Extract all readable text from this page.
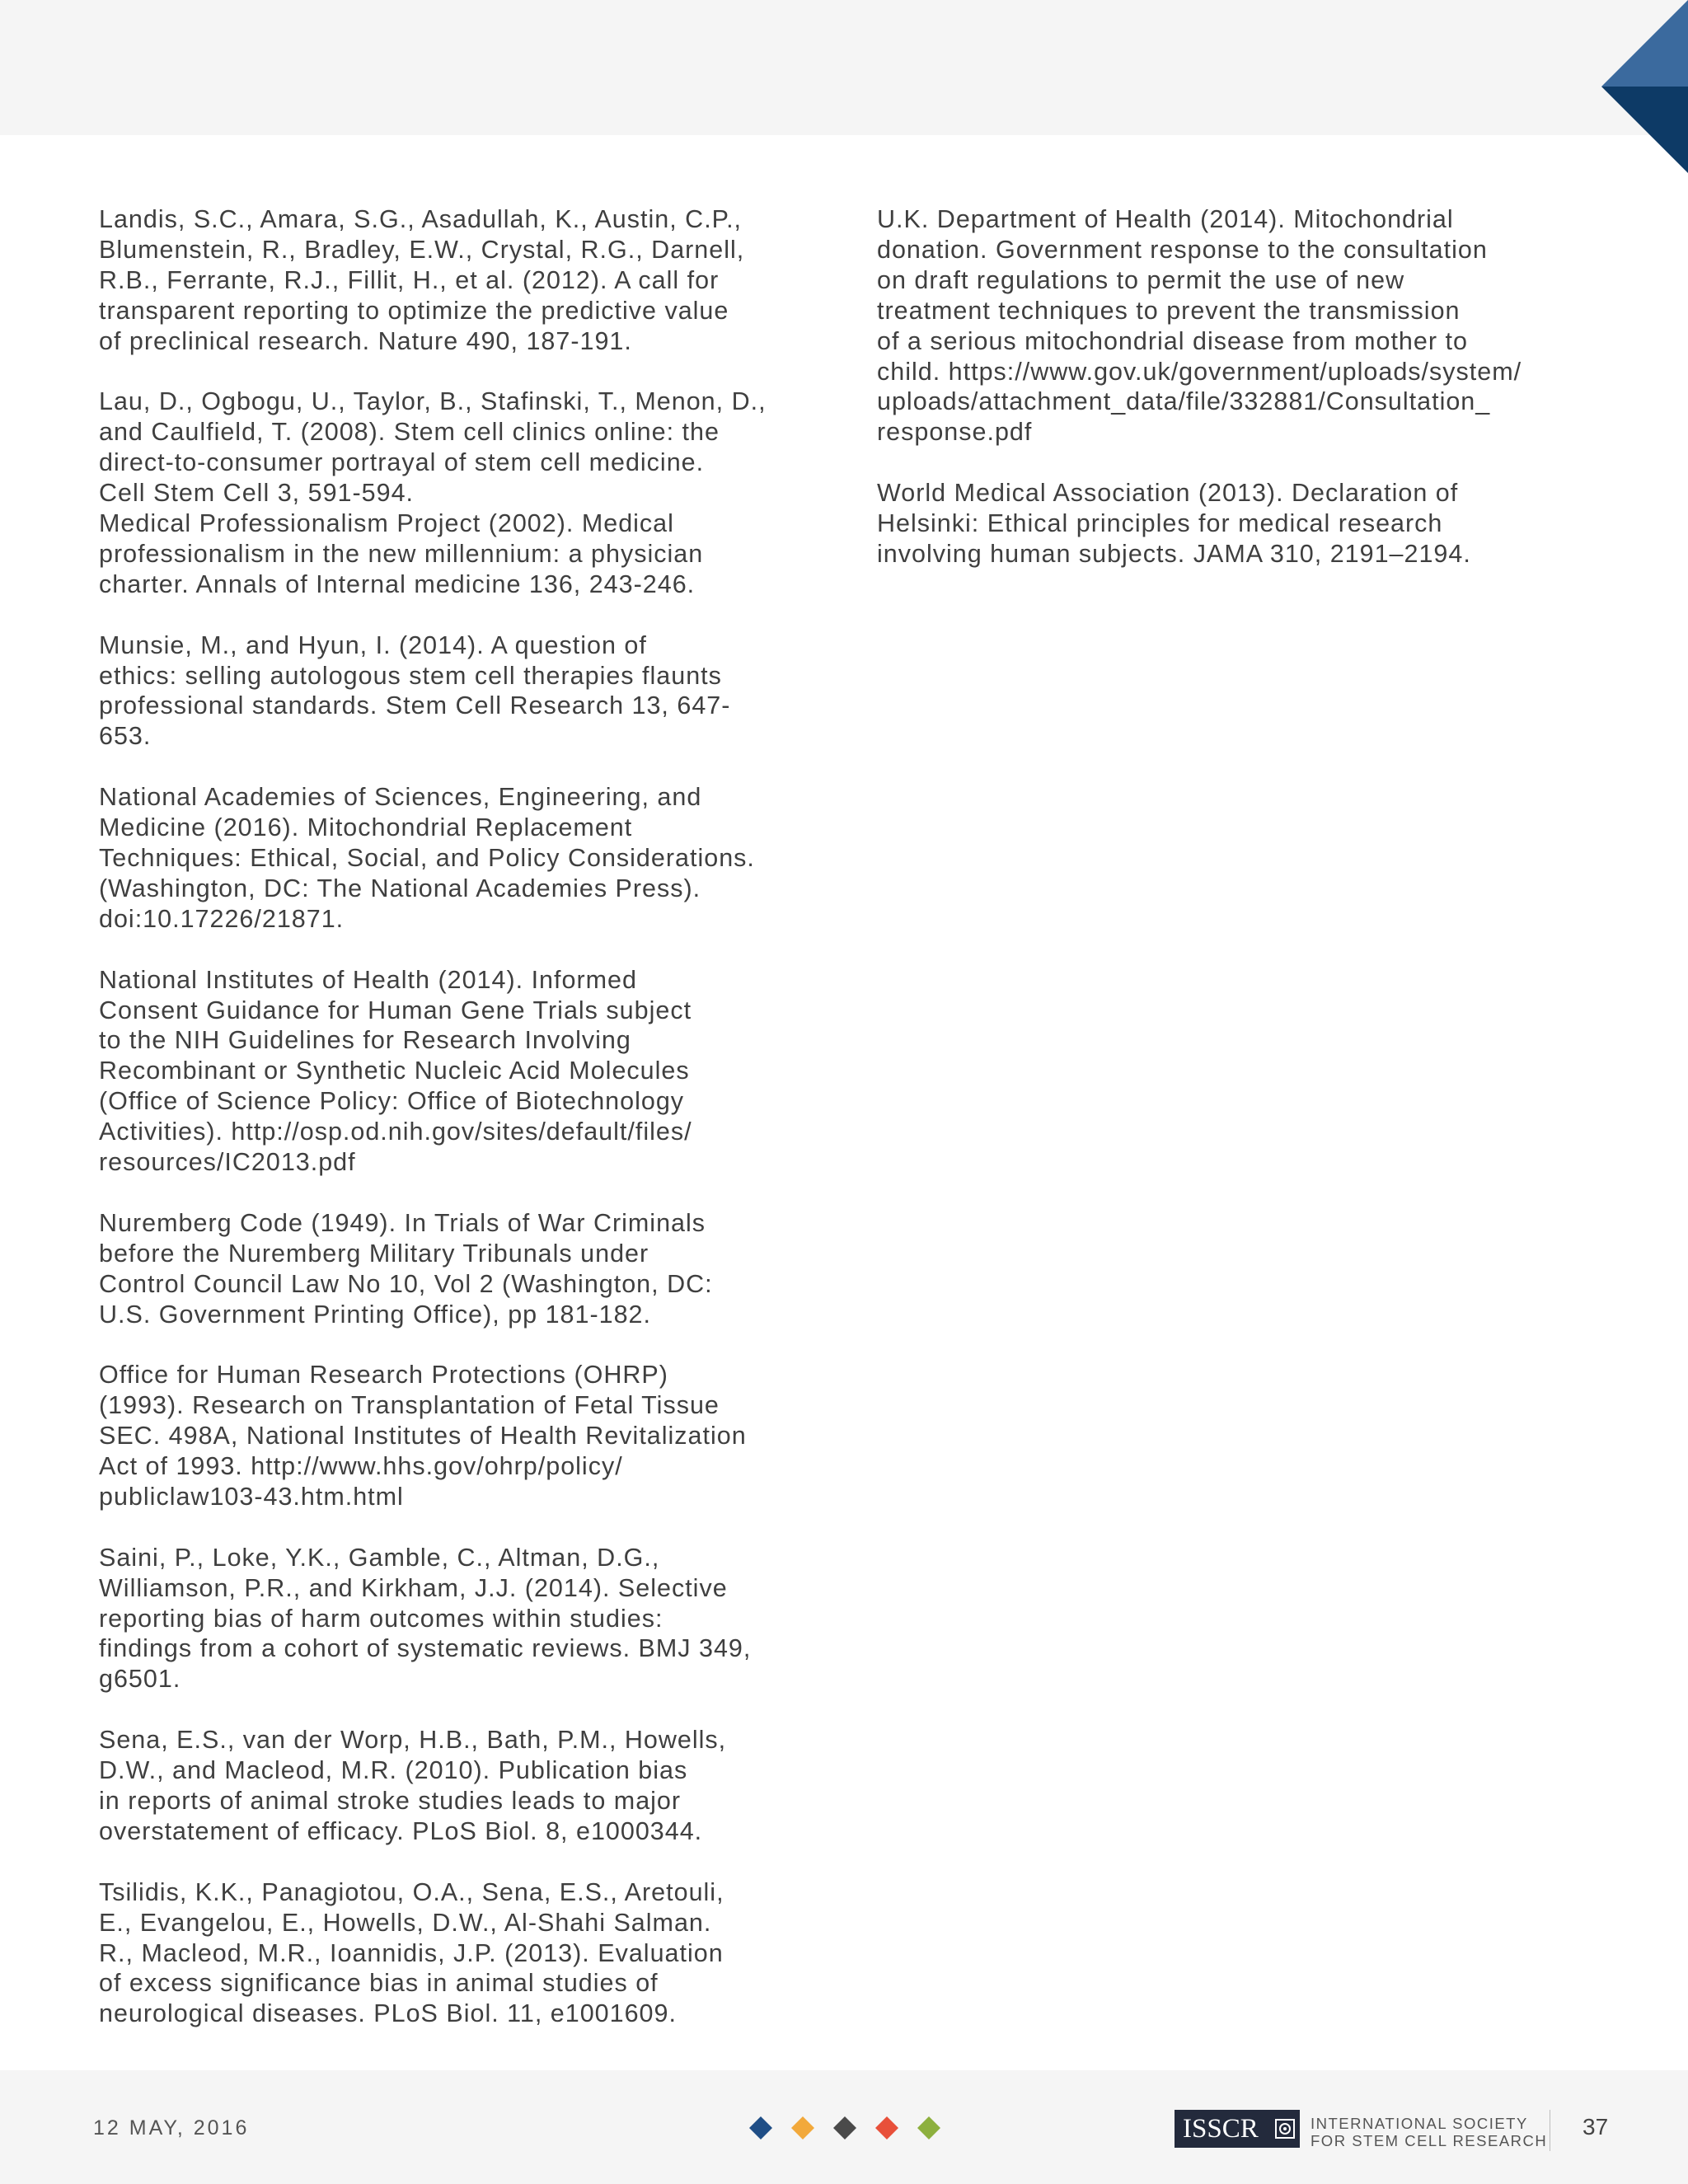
Landis, S.C., Amara, S.G., Asadullah, K., Austin, C.P.,
Blumenstein, R., Bradley, E.W., Crystal, R.G., Darnell,
R.B., Ferrante, R.J., Fillit, H., et al. (2012). A call for
transparent reporting to optimize the predictive value
of preclinical research. Nature 490, 187-191.

Lau, D., Ogbogu, U., Taylor, B., Stafinski, T., Menon, D.,
and Caulfield, T. (2008). Stem cell clinics online: the
direct-to-consumer portrayal of stem cell medicine.
Cell Stem Cell 3, 591-594.

Medical Professionalism Project (2002). Medical
professionalism in the new millennium: a physician
charter. Annals of Internal medicine 136, 243-246.

Munsie, M., and Hyun, I. (2014). A question of
ethics: selling autologous stem cell therapies flaunts
professional standards. Stem Cell Research 13, 647-
653.

National Academies of Sciences, Engineering, and
Medicine (2016). Mitochondrial Replacement
Techniques: Ethical, Social, and Policy Considerations.
(Washington, DC: The National Academies Press).
doi:10.17226/21871.

National Institutes of Health (2014). Informed
Consent Guidance for Human Gene Trials subject
to the NIH Guidelines for Research Involving
Recombinant or Synthetic Nucleic Acid Molecules
(Office of Science Policy: Office of Biotechnology
Activities). http://osp.od.nih.gov/sites/default/files/
resources/IC2013.pdf

Nuremberg Code (1949). In Trials of War Criminals
before the Nuremberg Military Tribunals under
Control Council Law No 10, Vol 2 (Washington, DC:
U.S. Government Printing Office), pp 181-182.

Office for Human Research Protections (OHRP)
(1993). Research on Transplantation of Fetal Tissue
SEC. 498A, National Institutes of Health Revitalization
Act of 1993. http://www.hhs.gov/ohrp/policy/
publiclaw103-43.htm.html

Saini, P., Loke, Y.K., Gamble, C., Altman, D.G.,
Williamson, P.R., and Kirkham, J.J. (2014). Selective
reporting bias of harm outcomes within studies:
findings from a cohort of systematic reviews. BMJ 349,
g6501.

Sena, E.S., van der Worp, H.B., Bath, P.M., Howells,
D.W., and Macleod, M.R. (2010). Publication bias
in reports of animal stroke studies leads to major
overstatement of efficacy. PLoS Biol. 8, e1000344.

Tsilidis, K.K., Panagiotou, O.A., Sena, E.S., Aretouli,
E., Evangelou, E., Howells, D.W., Al-Shahi Salman.
R., Macleod, M.R., Ioannidis, J.P. (2013). Evaluation
of excess significance bias in animal studies of
neurological diseases. PLoS Biol. 11, e1001609.

U.K. Department of Health (2014). Mitochondrial
donation. Government response to the consultation
on draft regulations to permit the use of new
treatment techniques to prevent the transmission
of a serious mitochondrial disease from mother to
child. https://www.gov.uk/government/uploads/system/
uploads/attachment_data/file/332881/Consultation_
response.pdf

World Medical Association (2013). Declaration of
Helsinki: Ethical principles for medical research
involving human subjects. JAMA 310, 2191–2194.

12 MAY, 2016	ISSCR	INTERNATIONAL SOCIETY
FOR STEM CELL RESEARCH
37
